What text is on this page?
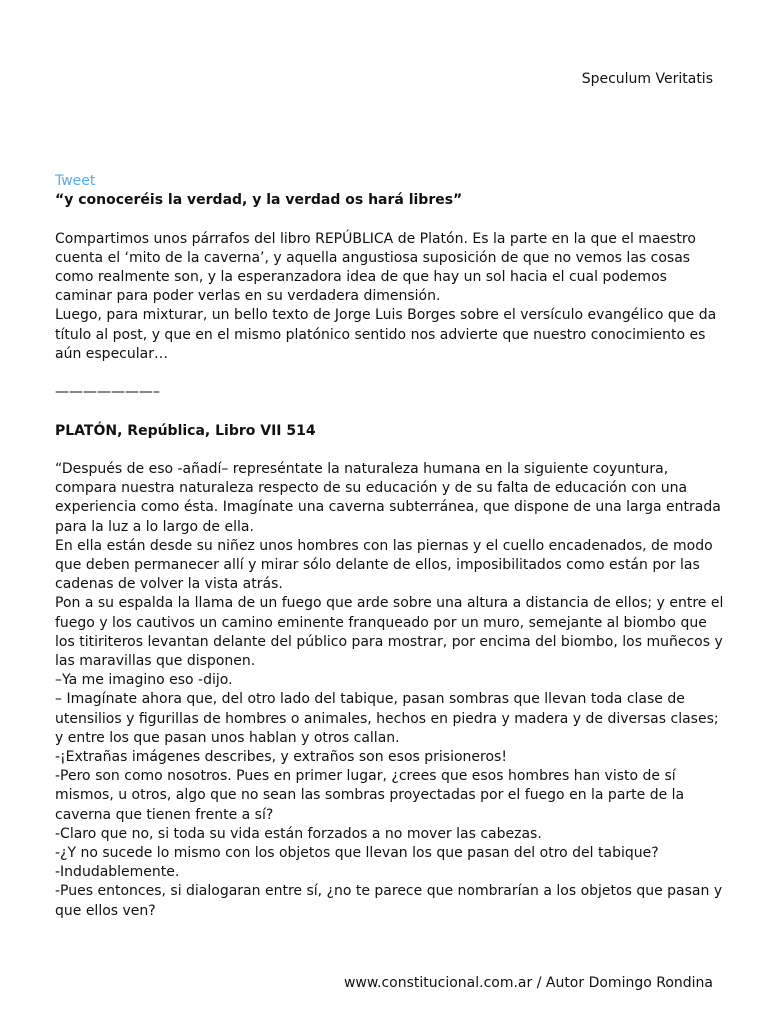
Speculum Veritatis
Tweet
“y conoceréis la verdad, y la verdad os hará libres”

Compartimos unos párrafos del libro REPÚBLICA de Platón. Es la parte en la que el maestro cuenta el ‘mito de la caverna’, y aquella angustiosa suposición de que no vemos las cosas como realmente son, y la esperanzadora idea de que hay un sol hacia el cual podemos caminar para poder verlas en su verdadera dimensión.

Luego, para mixturar, un bello texto de Jorge Luis Borges sobre el versículo evangélico que da título al post, y que en el mismo platónico sentido nos advierte que nuestro conocimiento es aún especular…

———————–

PLATÓN, República, Libro VII 514

“Después de eso -añadí– represéntate la naturaleza humana en la siguiente coyuntura, compara nuestra naturaleza respecto de su educación y de su falta de educación con una experiencia como ésta. Imagínate una caverna subterránea, que dispone de una larga entrada para la luz a lo largo de ella.

En ella están desde su niñez unos hombres con las piernas y el cuello encadenados, de modo que deben permanecer allí y mirar sólo delante de ellos, imposibilitados como están por las cadenas de volver la vista atrás.

Pon a su espalda la llama de un fuego que arde sobre una altura a distancia de ellos; y entre el fuego y los cautivos un camino eminente franqueado por un muro, semejante al biombo que los titiriteros levantan delante del público para mostrar, por encima del biombo, los muñecos y las maravillas que disponen.

–Ya me imagino eso -dijo.

– Imagínate ahora que, del otro lado del tabique, pasan sombras que llevan toda clase de utensilios y figurillas de hombres o animales, hechos en piedra y madera y de diversas clases; y entre los que pasan unos hablan y otros callan.

-¡Extrañas imágenes describes, y extraños son esos prisioneros!

-Pero son como nosotros. Pues en primer lugar, ¿crees que esos hombres han visto de sí mismos, u otros, algo que no sean las sombras proyectadas por el fuego en la parte de la caverna que tienen frente a sí?

-Claro que no, si toda su vida están forzados a no mover las cabezas.

-¿Y no sucede lo mismo con los objetos que llevan los que pasan del otro del tabique?

-Indudablemente.

-Pues entonces, si dialogaran entre sí, ¿no te parece que nombrarían a los objetos que pasan y que ellos ven?

www.constitucional.com.ar / Autor Domingo Rondina
